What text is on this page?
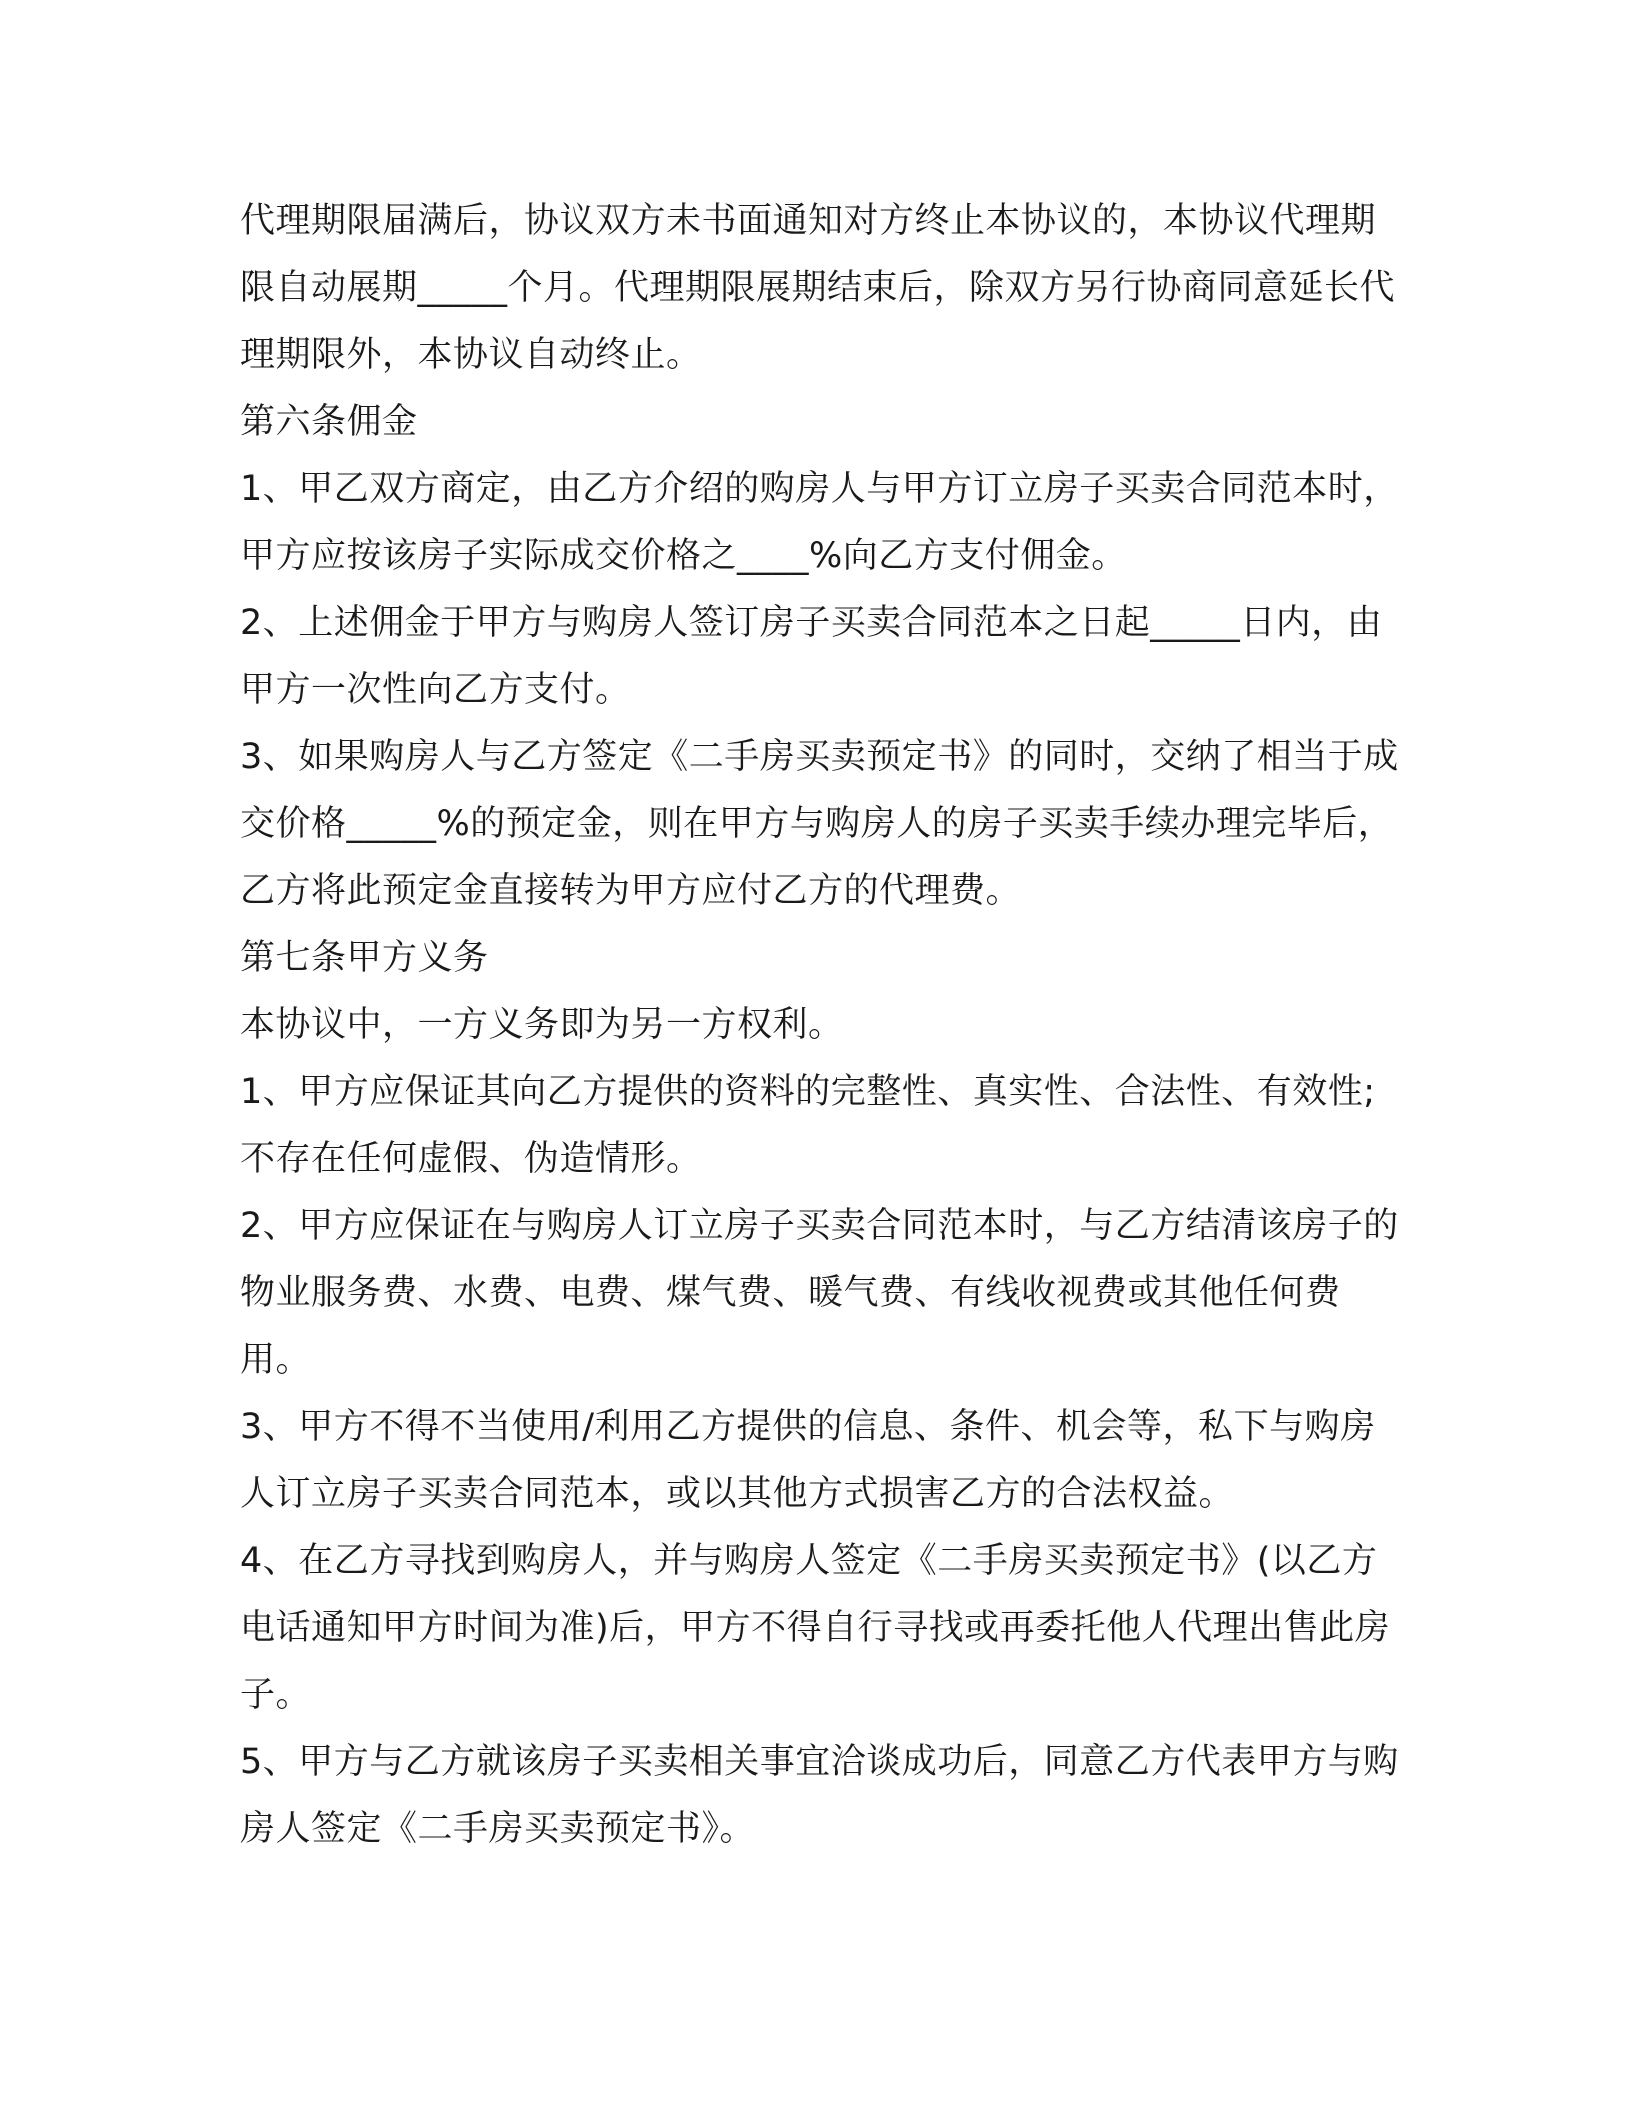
代理期限届满后，协议双方未书面通知对方终止本协议的，本协议代理期限自动展期_____个月。代理期限展期结束后，除双方另行协商同意延长代理期限外，本协议自动终止。

第六条佣金

1、甲乙双方商定，由乙方介绍的购房人与甲方订立房子买卖合同范本时，甲方应按该房子实际成交价格之____%向乙方支付佣金。

2、上述佣金于甲方与购房人签订房子买卖合同范本之日起_____日内，由甲方一次性向乙方支付。

3、如果购房人与乙方签定《二手房买卖预定书》的同时，交纳了相当于成交价格_____%的预定金，则在甲方与购房人的房子买卖手续办理完毕后，乙方将此预定金直接转为甲方应付乙方的代理费。

第七条甲方义务

本协议中，一方义务即为另一方权利。

1、甲方应保证其向乙方提供的资料的完整性、真实性、合法性、有效性;不存在任何虚假、伪造情形。

2、甲方应保证在与购房人订立房子买卖合同范本时，与乙方结清该房子的物业服务费、水费、电费、煤气费、暖气费、有线收视费或其他任何费用。

3、甲方不得不当使用/利用乙方提供的信息、条件、机会等，私下与购房人订立房子买卖合同范本，或以其他方式损害乙方的合法权益。

4、在乙方寻找到购房人，并与购房人签定《二手房买卖预定书》(以乙方电话通知甲方时间为准)后，甲方不得自行寻找或再委托他人代理出售此房子。

5、甲方与乙方就该房子买卖相关事宜洽谈成功后，同意乙方代表甲方与购房人签定《二手房买卖预定书》。
